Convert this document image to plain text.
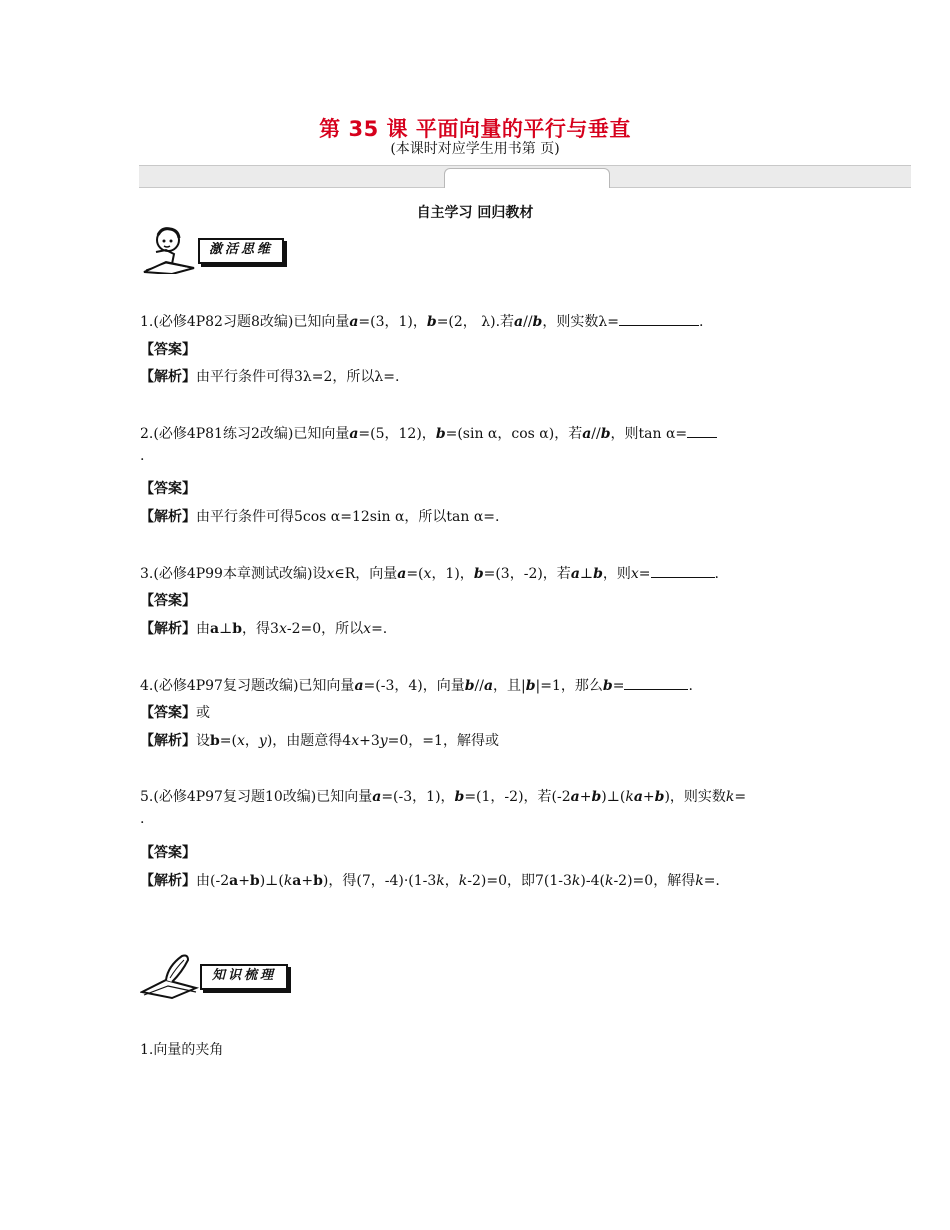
第 35 课 平面向量的平行与垂直
(本课时对应学生用书第 页)
自主学习 回归教材
激活思维
1.(必修4P82习题8改编)已知向量a=(3，1)，b=(2， λ).若a//b，则实数λ=	.
【答案】
【解析】由平行条件可得3λ=2，所以λ=.
2.(必修4P81练习2改编)已知向量a=(5，12)，b=(sin α，cos α)，若a//b，则tan α=
.
【答案】
【解析】由平行条件可得5cos α=12sin α，所以tan α=.
3.(必修4P99本章测试改编)设x∈R，向量a=(x，1)，b=(3，-2)，若a⊥b，则x=	.
【答案】
【解析】由a⊥b，得3x-2=0，所以x=.
4.(必修4P97复习题改编)已知向量a=(-3，4)，向量b//a，且|b|=1，那么b=	.
【答案】或
【解析】设b=(x，y)，由题意得4x+3y=0，=1，解得或
5.(必修4P97复习题10改编)已知向量a=(-3，1)，b=(1，-2)，若(-2a+b)⊥(ka+b)，则实数k=
.
【答案】
【解析】由(-2a+b)⊥(ka+b)，得(7，-4)·(1-3k，k-2)=0，即7(1-3k)-4(k-2)=0，解得k=.
知识梳理
1.向量的夹角
